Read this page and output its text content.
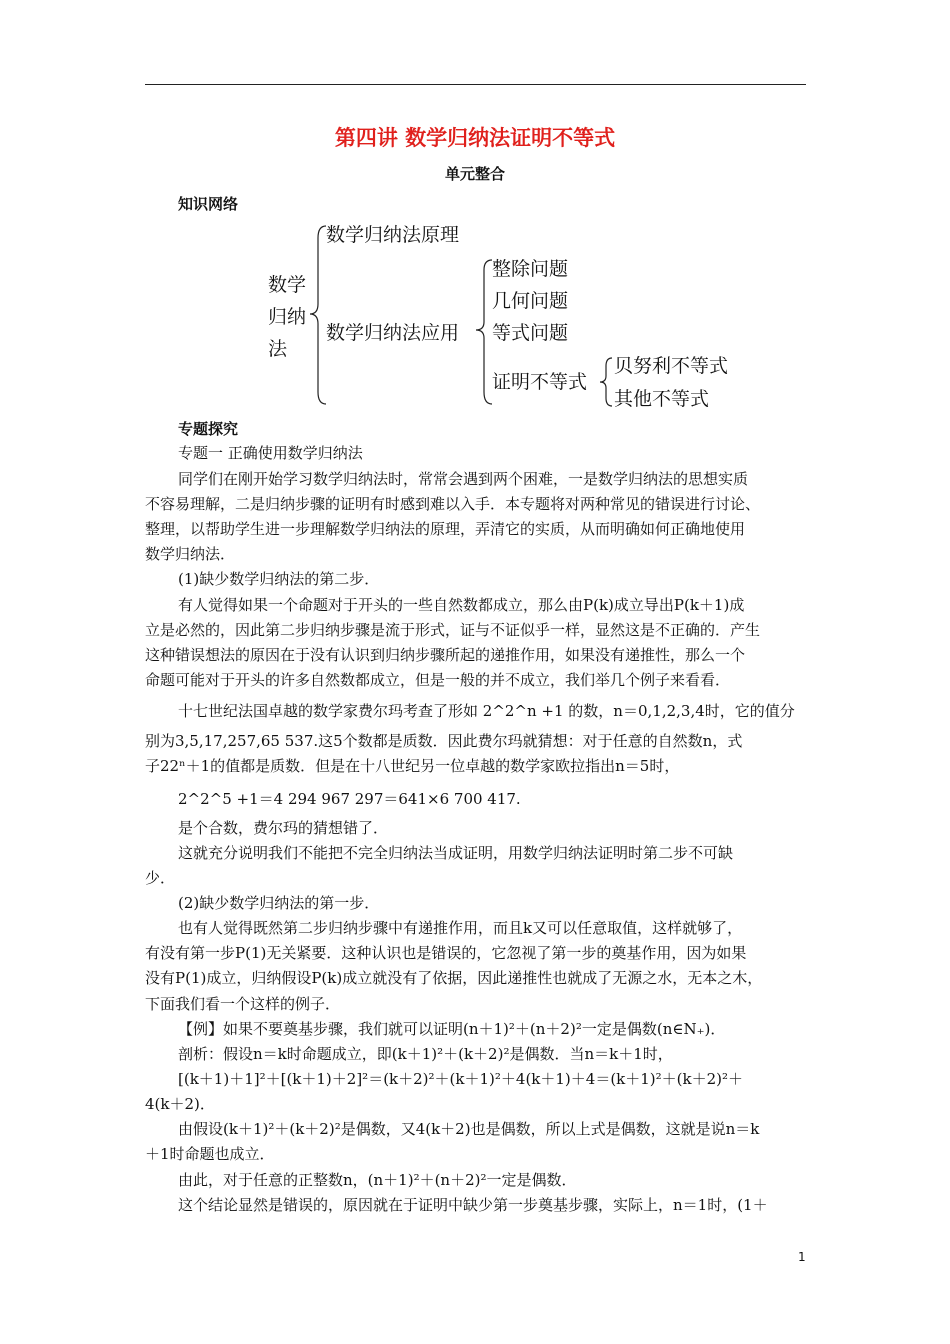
第四讲 数学归纳法证明不等式
单元整合
知识网络
数学
归纳
法
数学归纳法原理
数学归纳法应用
整除问题
几何问题
等式问题
证明不等式
贝努利不等式
其他不等式
专题探究
专题一 正确使用数学归纳法
同学们在刚开始学习数学归纳法时，常常会遇到两个困难，一是数学归纳法的思想实质
不容易理解，二是归纳步骤的证明有时感到难以入手．本专题将对两种常见的错误进行讨论、
整理，以帮助学生进一步理解数学归纳法的原理，弄清它的实质，从而明确如何正确地使用
数学归纳法．
(1)缺少数学归纳法的第二步．
有人觉得如果一个命题对于开头的一些自然数都成立，那么由P(k)成立导出P(k＋1)成
立是必然的，因此第二步归纳步骤是流于形式，证与不证似乎一样，显然这是不正确的．产生
这种错误想法的原因在于没有认识到归纳步骤所起的递推作用，如果没有递推性，那么一个
命题可能对于开头的许多自然数都成立，但是一般的并不成立，我们举几个例子来看看．
十七世纪法国卓越的数学家费尔玛考查了形如 2^2^n +1 的数，n＝0,1,2,3,4时，它的值分
别为3,5,17,257,65 537.这5个数都是质数．因此费尔玛就猜想：对于任意的自然数n，式
子22ⁿ＋1的值都是质数．但是在十八世纪另一位卓越的数学家欧拉指出n＝5时，
2^2^5 +1＝4 294 967 297＝641×6 700 417.
是个合数，费尔玛的猜想错了．
这就充分说明我们不能把不完全归纳法当成证明，用数学归纳法证明时第二步不可缺
少．
(2)缺少数学归纳法的第一步．
也有人觉得既然第二步归纳步骤中有递推作用，而且k又可以任意取值，这样就够了，
有没有第一步P(1)无关紧要．这种认识也是错误的，它忽视了第一步的奠基作用，因为如果
没有P(1)成立，归纳假设P(k)成立就没有了依据，因此递推性也就成了无源之水，无本之木，
下面我们看一个这样的例子．
【例】如果不要奠基步骤，我们就可以证明(n＋1)²＋(n＋2)²一定是偶数(n∈N₊)．
剖析：假设n＝k时命题成立，即(k＋1)²＋(k＋2)²是偶数．当n＝k＋1时，
[(k＋1)＋1]²＋[(k＋1)＋2]²＝(k＋2)²＋(k＋1)²＋4(k＋1)＋4＝(k＋1)²＋(k＋2)²＋
4(k＋2)．
由假设(k＋1)²＋(k＋2)²是偶数，又4(k＋2)也是偶数，所以上式是偶数，这就是说n＝k
＋1时命题也成立．
由此，对于任意的正整数n，(n＋1)²＋(n＋2)²一定是偶数．
这个结论显然是错误的，原因就在于证明中缺少第一步奠基步骤，实际上，n＝1时，(1＋
1
